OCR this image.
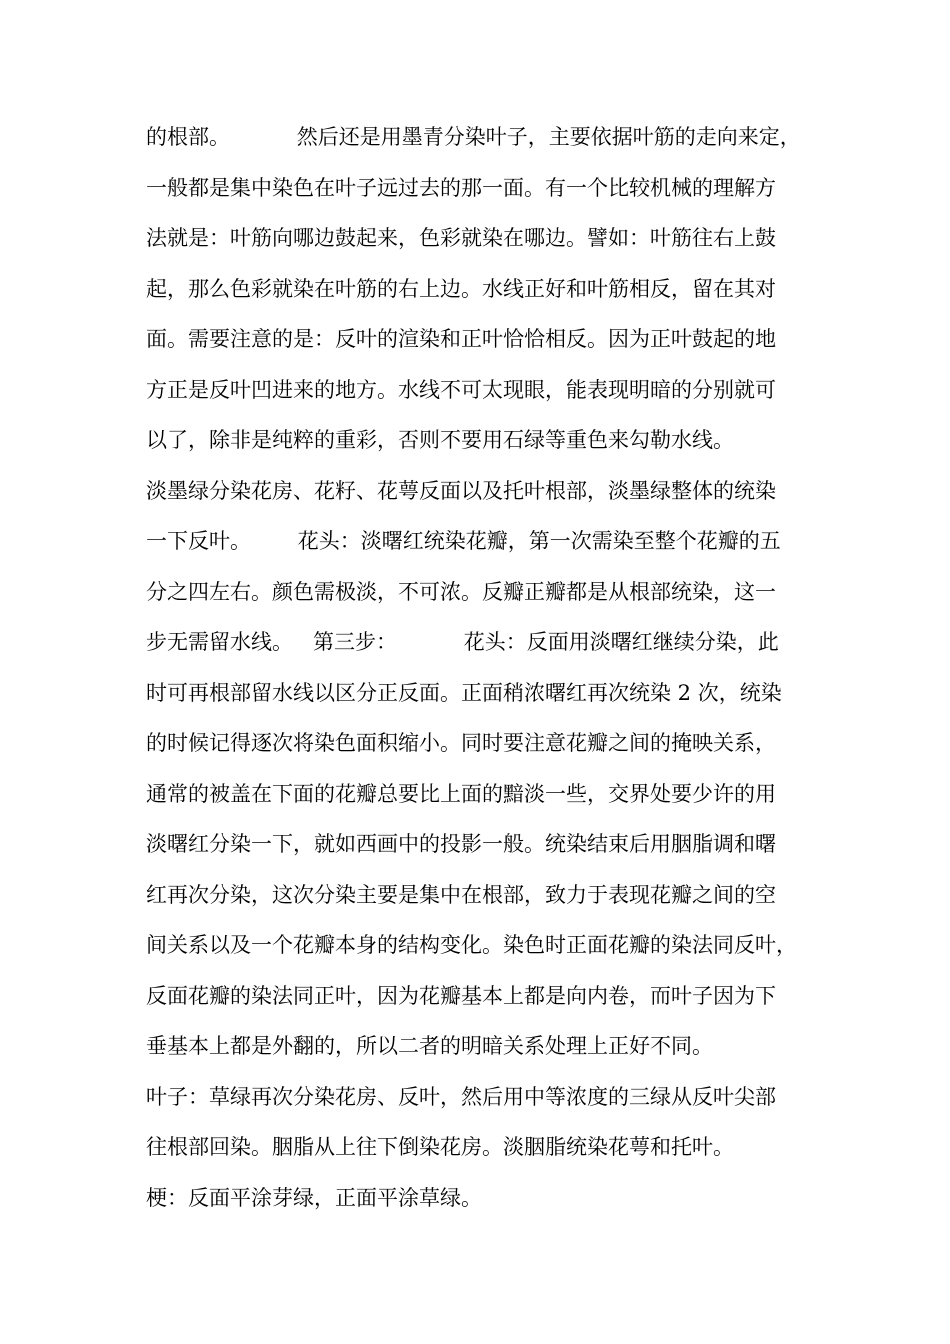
的根部。          然后还是用墨青分染叶子，主要依据叶筋的走向来定，
一般都是集中染色在叶子远过去的那一面。有一个比较机械的理解方
法就是：叶筋向哪边鼓起来，色彩就染在哪边。譬如：叶筋往右上鼓
起，那么色彩就染在叶筋的右上边。水线正好和叶筋相反，留在其对
面。需要注意的是：反叶的渲染和正叶恰恰相反。因为正叶鼓起的地
方正是反叶凹进来的地方。水线不可太现眼，能表现明暗的分别就可
以了，除非是纯粹的重彩，否则不要用石绿等重色来勾勒水线。
淡墨绿分染花房、花籽、花萼反面以及托叶根部，淡墨绿整体的统染
一下反叶。       花头：淡曙红统染花瓣，第一次需染至整个花瓣的五
分之四左右。颜色需极淡，不可浓。反瓣正瓣都是从根部统染，这一
步无需留水线。   第三步：          花头：反面用淡曙红继续分染，此
时可再根部留水线以区分正反面。正面稍浓曙红再次统染 2 次，统染
的时候记得逐次将染色面积缩小。同时要注意花瓣之间的掩映关系，
通常的被盖在下面的花瓣总要比上面的黯淡一些，交界处要少许的用
淡曙红分染一下，就如西画中的投影一般。统染结束后用胭脂调和曙
红再次分染，这次分染主要是集中在根部，致力于表现花瓣之间的空
间关系以及一个花瓣本身的结构变化。染色时正面花瓣的染法同反叶，
反面花瓣的染法同正叶，因为花瓣基本上都是向内卷，而叶子因为下
垂基本上都是外翻的，所以二者的明暗关系处理上正好不同。
叶子：草绿再次分染花房、反叶，然后用中等浓度的三绿从反叶尖部
往根部回染。胭脂从上往下倒染花房。淡胭脂统染花萼和托叶。
梗：反面平涂芽绿，正面平涂草绿。
